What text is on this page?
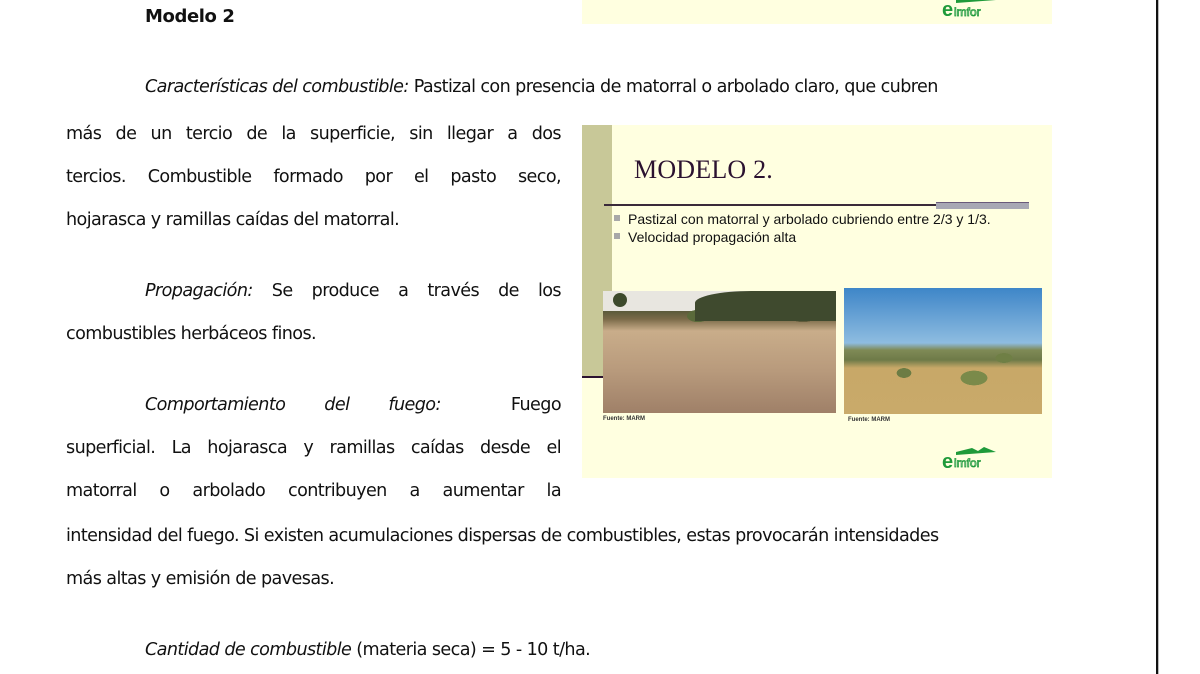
e imfor
Modelo 2
Características del combustible: Pastizal con presencia de matorral o arbolado claro, que cubren
más de un tercio de la superficie, sin llegar a dos
tercios. Combustible formado por el pasto seco,
hojarasca y ramillas caídas del matorral.
Propagación: Se produce a través de los
combustibles herbáceos finos.
Comportamiento del fuego:	Fuego
superficial. La hojarasca y ramillas caídas desde el
matorral o arbolado contribuyen a aumentar la
intensidad del fuego. Si existen acumulaciones dispersas de combustibles, estas provocarán intensidades
más altas y emisión de pavesas.
Cantidad de combustible (materia seca) = 5 - 10 t/ha.
MODELO 2.
Pastizal con matorral y arbolado cubriendo entre 2/3 y 1/3.
Velocidad propagación alta
Fuente: MARM	Fuente: MARM
e imfor
